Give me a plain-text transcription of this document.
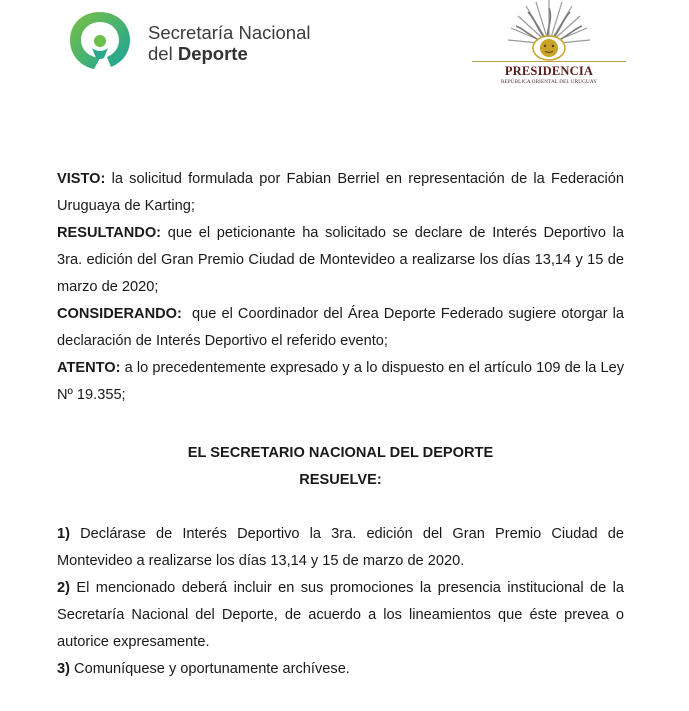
Secretaría Nacional
del Deporte
PRESIDENCIA
REPÚBLICA ORIENTAL DEL URUGUAY

VISTO: la solicitud formulada por Fabian Berriel en representación de la Federación Uruguaya de Karting;

RESULTANDO: que el peticionante ha solicitado se declare de Interés Deportivo la 3ra. edición del Gran Premio Ciudad de Montevideo a realizarse los días 13,14 y 15 de marzo de 2020;

CONSIDERANDO:  que el Coordinador del Área Deporte Federado sugiere otorgar la declaración de Interés Deportivo el referido evento;

ATENTO: a lo precedentemente expresado y a lo dispuesto en el artículo 109 de la Ley Nº 19.355;

EL SECRETARIO NACIONAL DEL DEPORTE
RESUELVE:

1) Declárase de Interés Deportivo la 3ra. edición del Gran Premio Ciudad de Montevideo a realizarse los días 13,14 y 15 de marzo de 2020.

2) El mencionado deberá incluir en sus promociones la presencia institucional de la Secretaría Nacional del Deporte, de acuerdo a los lineamientos que éste prevea o autorice expresamente.

3) Comuníquese y oportunamente archívese.
